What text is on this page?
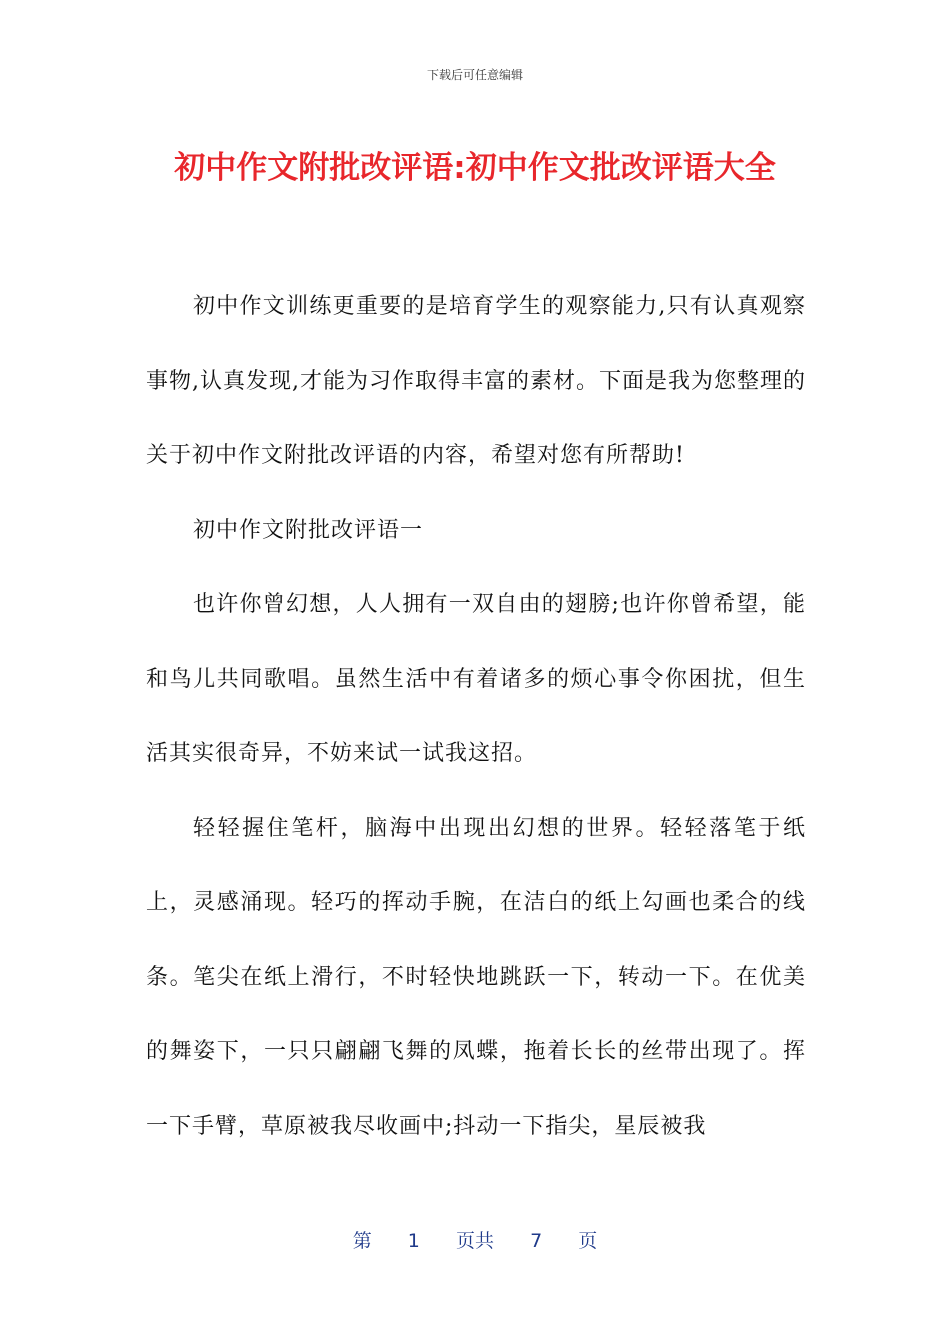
下载后可任意编辑
初中作文附批改评语:初中作文批改评语大全

初中作文训练更重要的是培育学生的观察能力,只有认真观察事物,认真发现,才能为习作取得丰富的素材。下面是我为您整理的关于初中作文附批改评语的内容，希望对您有所帮助!

初中作文附批改评语一

也许你曾幻想，人人拥有一双自由的翅膀;也许你曾希望，能和鸟儿共同歌唱。虽然生活中有着诸多的烦心事令你困扰，但生活其实很奇异，不妨来试一试我这招。

轻轻握住笔杆，脑海中出现出幻想的世界。轻轻落笔于纸上，灵感涌现。轻巧的挥动手腕，在洁白的纸上勾画也柔合的线条。笔尖在纸上滑行，不时轻快地跳跃一下，转动一下。在优美的舞姿下，一只只翩翩飞舞的凤蝶，拖着长长的丝带出现了。挥一下手臂，草原被我尽收画中;抖动一下指尖，星辰被我

第 1 页共 7 页
